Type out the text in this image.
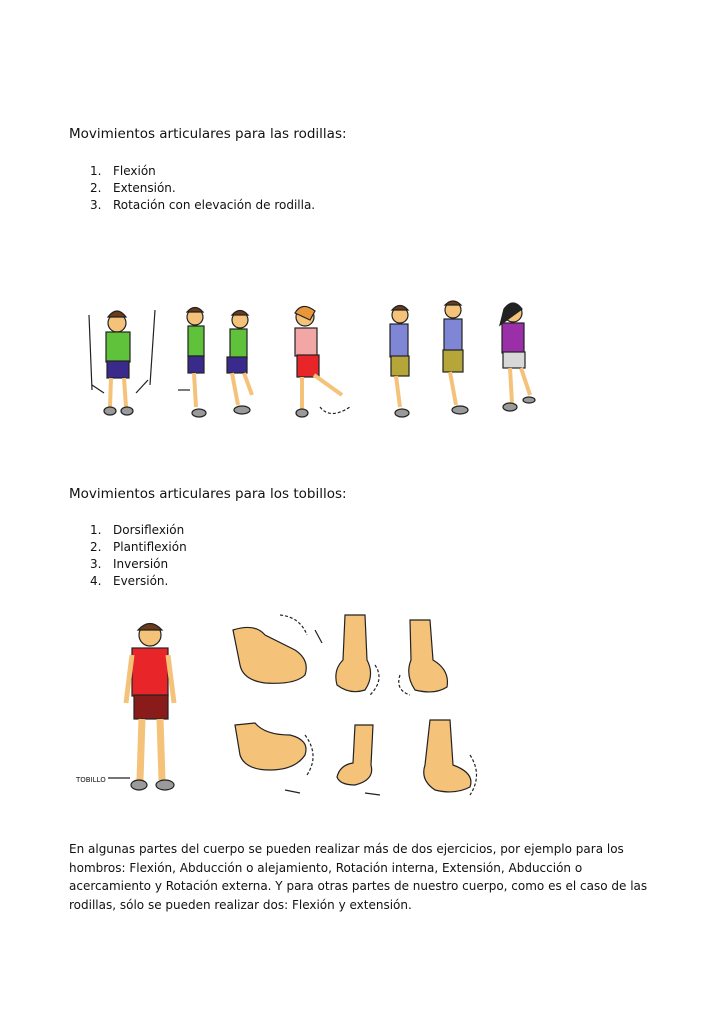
Movimientos articulares para las rodillas:
1. Flexión
2. Extensión.
3. Rotación con elevación de rodilla.
Movimientos articulares para los tobillos:
1. Dorsiflexión
2. Plantiflexión
3. Inversión
4. Eversión.
TOBILLO
En algunas partes del cuerpo se pueden realizar más de dos ejercicios, por ejemplo para los hombros: Flexión, Abducción o alejamiento, Rotación interna, Extensión, Abducción o acercamiento y Rotación externa. Y para otras partes de nuestro cuerpo, como es el caso de las rodillas, sólo se pueden realizar dos: Flexión y extensión.
